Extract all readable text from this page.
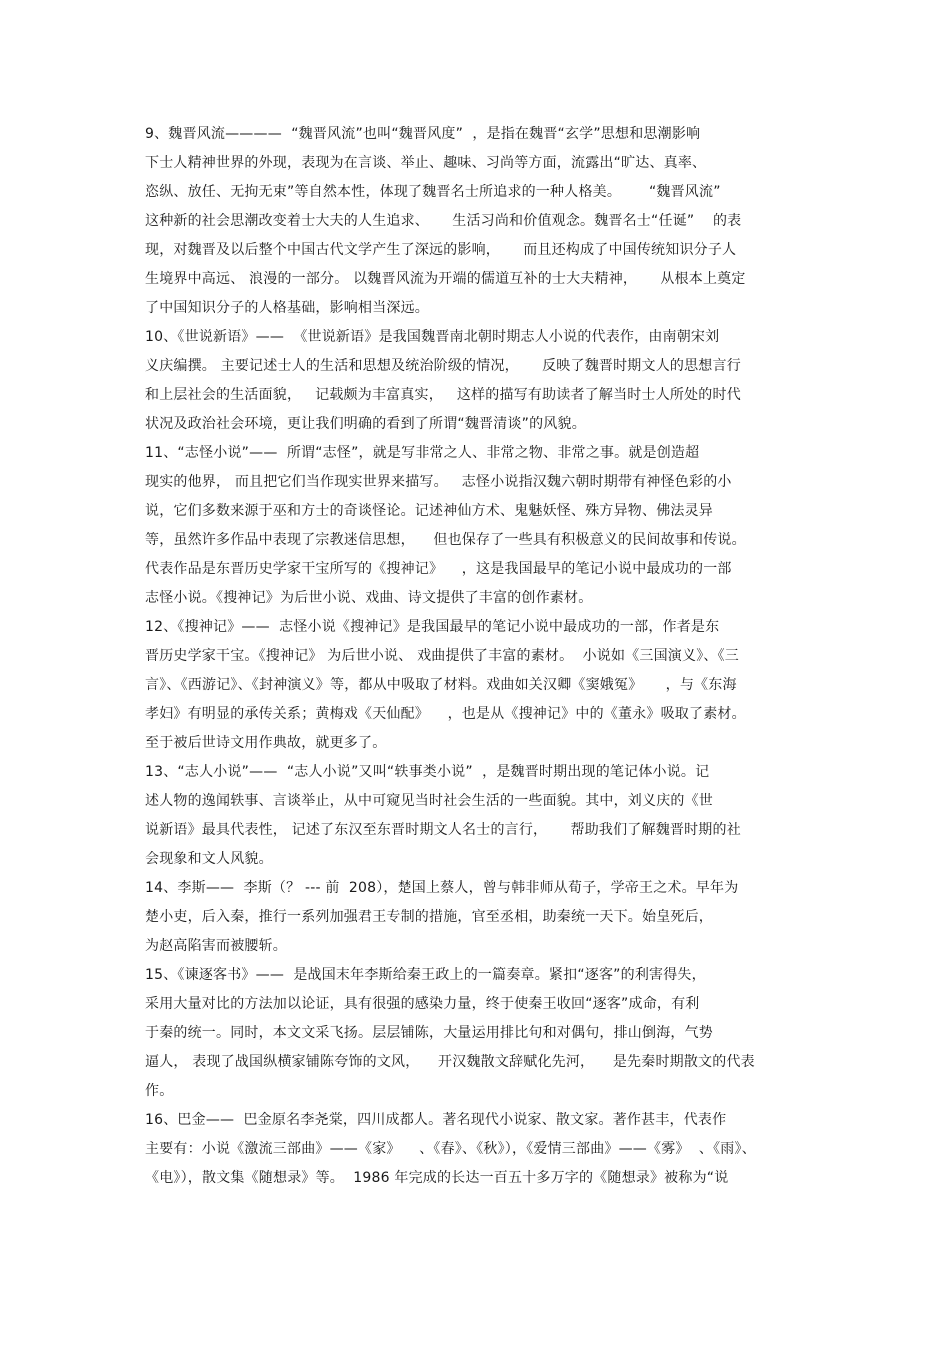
9、魏晋风流————  “魏晋风流”也叫“魏晋风度”  ，是指在魏晋“玄学”思想和思潮影响
下士人精神世界的外现，表现为在言谈、举止、趣味、习尚等方面，流露出“旷达、真率、
恣纵、放任、无拘无束”等自然本性，体现了魏晋名士所追求的一种人格美。      “魏晋风流”
这种新的社会思潮改变着士大夫的人生追求、     生活习尚和价值观念。魏晋名士“任诞”    的表
现，对魏晋及以后整个中国古代文学产生了深远的影响，     而且还构成了中国传统知识分子人
生境界中高远、 浪漫的一部分。 以魏晋风流为开端的儒道互补的士大夫精神，     从根本上奠定
了中国知识分子的人格基础，影响相当深远。
10、《世说新语》——  《世说新语》是我国魏晋南北朝时期志人小说的代表作，由南朝宋刘
义庆编撰。 主要记述士人的生活和思想及统治阶级的情况，     反映了魏晋时期文人的思想言行
和上层社会的生活面貌，   记载颇为丰富真实，   这样的描写有助读者了解当时士人所处的时代
状况及政治社会环境，更让我们明确的看到了所谓“魏晋清谈”的风貌。
11、“志怪小说”——  所谓“志怪”，就是写非常之人、非常之物、非常之事。就是创造超
现实的他界， 而且把它们当作现实世界来描写。   志怪小说指汉魏六朝时期带有神怪色彩的小
说，它们多数来源于巫和方士的奇谈怪论。记述神仙方术、鬼魅妖怪、殊方异物、佛法灵异
等，虽然许多作品中表现了宗教迷信思想，    但也保存了一些具有积极意义的民间故事和传说。
代表作品是东晋历史学家干宝所写的《搜神记》    ，这是我国最早的笔记小说中最成功的一部
志怪小说。《搜神记》为后世小说、戏曲、诗文提供了丰富的创作素材。
12、《搜神记》——  志怪小说《搜神记》是我国最早的笔记小说中最成功的一部，作者是东
晋历史学家干宝。《搜神记》 为后世小说、 戏曲提供了丰富的素材。  小说如《三国演义》、《三
言》、《西游记》、《封神演义》等，都从中吸取了材料。戏曲如关汉卿《窦娥冤》     ，与《东海
孝妇》有明显的承传关系；黄梅戏《天仙配》    ，也是从《搜神记》中的《董永》吸取了素材。
至于被后世诗文用作典故，就更多了。
13、“志人小说”——  “志人小说”又叫“轶事类小说”  ，是魏晋时期出现的笔记体小说。记
述人物的逸闻轶事、言谈举止，从中可窥见当时社会生活的一些面貌。其中，刘义庆的《世
说新语》最具代表性， 记述了东汉至东晋时期文人名士的言行，     帮助我们了解魏晋时期的社
会现象和文人风貌。
14、李斯——  李斯（？ --- 前  208），楚国上蔡人，曾与韩非师从荀子，学帝王之术。早年为
楚小吏，后入秦，推行一系列加强君王专制的措施，官至丞相，助秦统一天下。始皇死后，
为赵高陷害而被腰斩。
15、《谏逐客书》——  是战国末年李斯给秦王政上的一篇奏章。紧扣“逐客”的利害得失，
采用大量对比的方法加以论证，具有很强的感染力量，终于使秦王收回“逐客”成命，有利
于秦的统一。同时，本文文采飞扬。层层铺陈，大量运用排比句和对偶句，排山倒海，气势
逼人， 表现了战国纵横家铺陈夸饰的文风，    开汉魏散文辞赋化先河，    是先秦时期散文的代表
作。
16、巴金——  巴金原名李尧棠，四川成都人。著名现代小说家、散文家。著作甚丰，代表作
主要有：小说《激流三部曲》——《家》    、《春》、《秋》），《爱情三部曲》——《雾》  、《雨》、
《电》），散文集《随想录》等。  1986 年完成的长达一百五十多万字的《随想录》被称为“说
